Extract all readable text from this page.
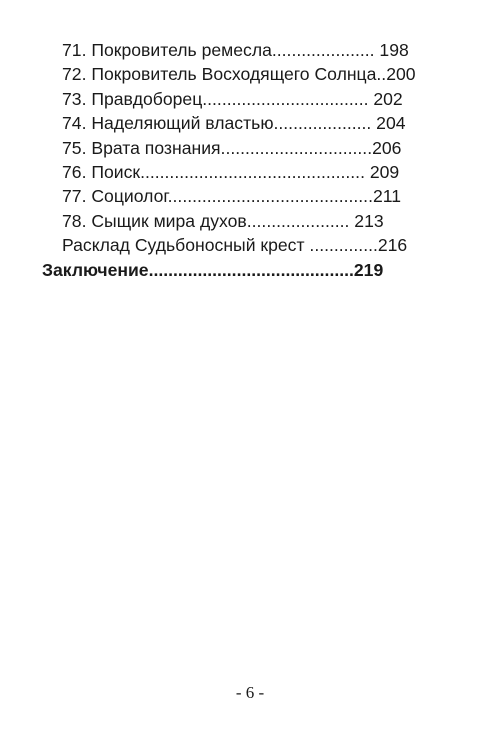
71. Покровитель ремесла..................... 198
72. Покровитель Восходящего Солнца..200
73. Правдоборец.................................. 202
74. Наделяющий властью.................... 204
75. Врата познания...............................206
76. Поиск.............................................. 209
77. Социолог..........................................211
78. Сыщик мира духов..................... 213
Расклад Судьбоносный крест ..............216
Заключение..........................................219
- 6 -
